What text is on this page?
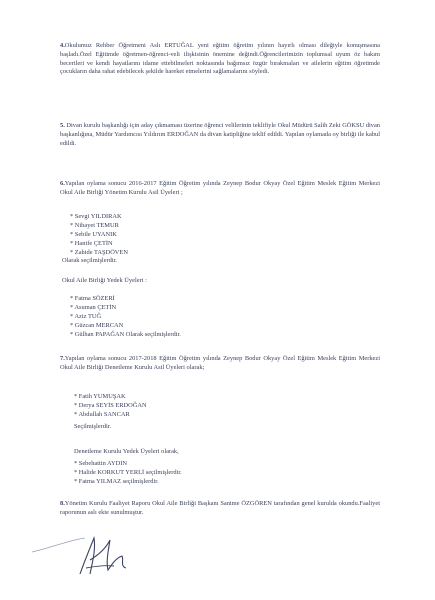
4.Okulumuz Rehber Öğretmeni Aslı ERTUĞAL yeni eğitim öğretim yılının hayırlı olması dileğiyle konuşmasına başladı.Özel Eğitimde öğretmen-öğrenci-veli ilişkisinin önemine değindi.Öğrencilerimizin toplumsal uyum öz bakım becerileri ve kendi hayatlarını idame ettebilmeleri noktasında bağımsız özgür bırakmaları ve ailelerin eğitim öğretimde çocukların daha rahat edebilecek şekilde hareket etmelerini sağlamalarını söyledi.

5. Divan kurulu başkanlığı için aday çıkmaması üzerine öğrenci velilerinin teklifiyle Okul Müdürü Salih Zeki GÖKSU divan başkanlığına, Müdür Yardımcısı Yıldırım ERDOĞAN da divan katipliğine teklif edildi. Yapılan oylamada oy birliği ile kabul edildi.

6.Yapılan oylama sonucu 2016-2017 Eğitim Öğretim yılında Zeynep Bodur Okyay Özel Eğitim Meslek Eğitim Merkezi Okul Aile Birliği Yönetim Kurulu Asil Üyeleri ;

* Sevgi YILDIRAK
* Nihayet TEMUR
* Sebile UYANIK
* Hanife ÇETİN
* Zahide TAŞDÖVEN
Olarak seçilmişlerdir.
Okul Aile Birliği Yedek Üyeleri :
* Fatma SÖZERİ
* Asuman ÇETİN
* Aziz TUĞ
* Güzcan MERCAN
* Gülhan PAPAĞAN Olarak seçilmişlerdir.

7.Yapılan oylama sonucu 2017-2018 Eğitim Öğretim yılında Zeynep Bodur Okyay Özel Eğitim Meslek Eğitim Merkezi Okul Aile Birliği Denetleme Kurulu Asil Üyeleri olarak;

* Fatih YUMUŞAK
* Derya SEYİS ERDOĞAN
* Abdullah SANCAR
Seçilmişlerdir.
Denetleme Kurulu Yedek Üyeleri olarak,
* Sebehattin AYDIN
* Halide KORKUT YERLİ seçilmişlerdir.
* Fatma YILMAZ seçilmişlerdir.

8.Yönetim Kurulu Faaliyet Raporu Okul Aile Birliği Başkanı Sanime ÖZGÖREN tarafından genel kurulda okundu.Faaliyet raporunun aslı ekte sunulmuştur.
